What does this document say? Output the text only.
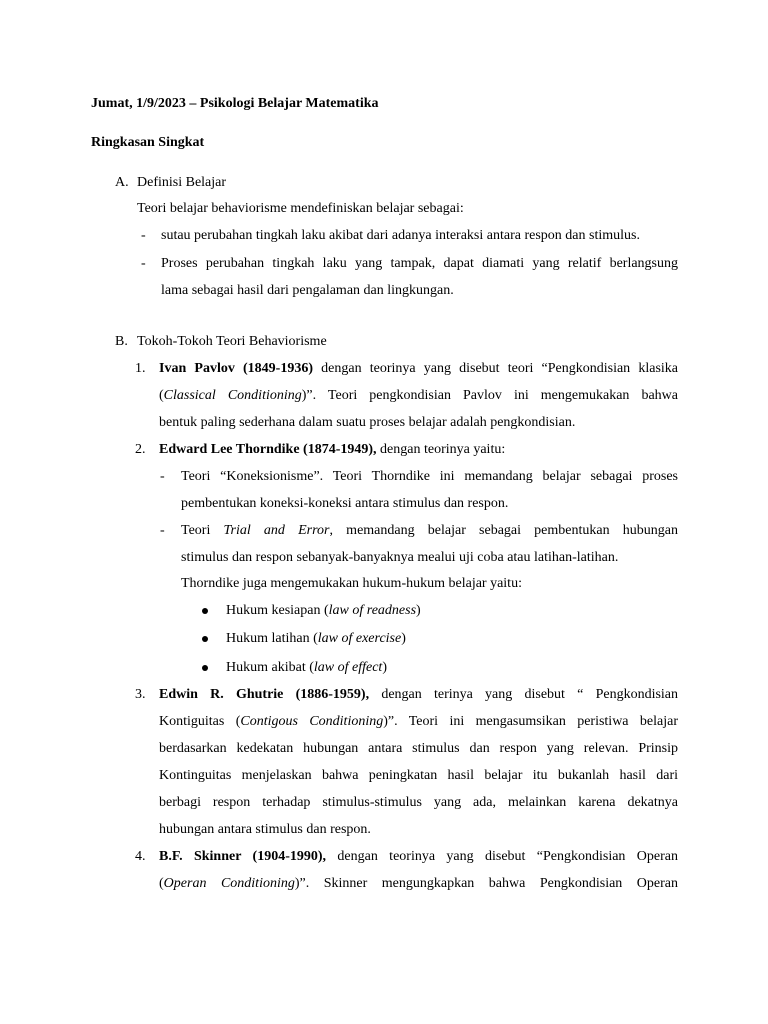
Jumat, 1/9/2023 – Psikologi Belajar Matematika
Ringkasan Singkat
A. Definisi Belajar
Teori belajar behaviorisme mendefiniskan belajar sebagai:
- sutau perubahan tingkah laku akibat dari adanya interaksi antara respon dan stimulus.
- Proses perubahan tingkah laku yang tampak, dapat diamati yang relatif berlangsung
lama sebagai hasil dari pengalaman dan lingkungan.
B. Tokoh-Tokoh Teori Behaviorisme
1. Ivan Pavlov (1849-1936) dengan teorinya yang disebut teori “Pengkondisian klasika
(Classical Conditioning)”. Teori pengkondisian Pavlov ini mengemukakan bahwa
bentuk paling sederhana dalam suatu proses belajar adalah pengkondisian.
2. Edward Lee Thorndike (1874-1949), dengan teorinya yaitu:
- Teori “Koneksionisme”. Teori Thorndike ini memandang belajar sebagai proses
pembentukan koneksi-koneksi antara stimulus dan respon.
- Teori Trial and Error, memandang belajar sebagai pembentukan hubungan
stimulus dan respon sebanyak-banyaknya mealui uji coba atau latihan-latihan.
Thorndike juga mengemukakan hukum-hukum belajar yaitu:
Hukum kesiapan (law of readness)
Hukum latihan (law of exercise)
Hukum akibat (law of effect)
3. Edwin R. Ghutrie (1886-1959), dengan terinya yang disebut “ Pengkondisian
Kontiguitas (Contigous Conditioning)”. Teori ini mengasumsikan peristiwa belajar
berdasarkan kedekatan hubungan antara stimulus dan respon yang relevan. Prinsip
Kontinguitas menjelaskan bahwa peningkatan hasil belajar itu bukanlah hasil dari
berbagi respon terhadap stimulus-stimulus yang ada, melainkan karena dekatnya
hubungan antara stimulus dan respon.
4. B.F. Skinner (1904-1990), dengan teorinya yang disebut “Pengkondisian Operan
(Operan Conditioning)”. Skinner mengungkapkan bahwa Pengkondisian Operan
